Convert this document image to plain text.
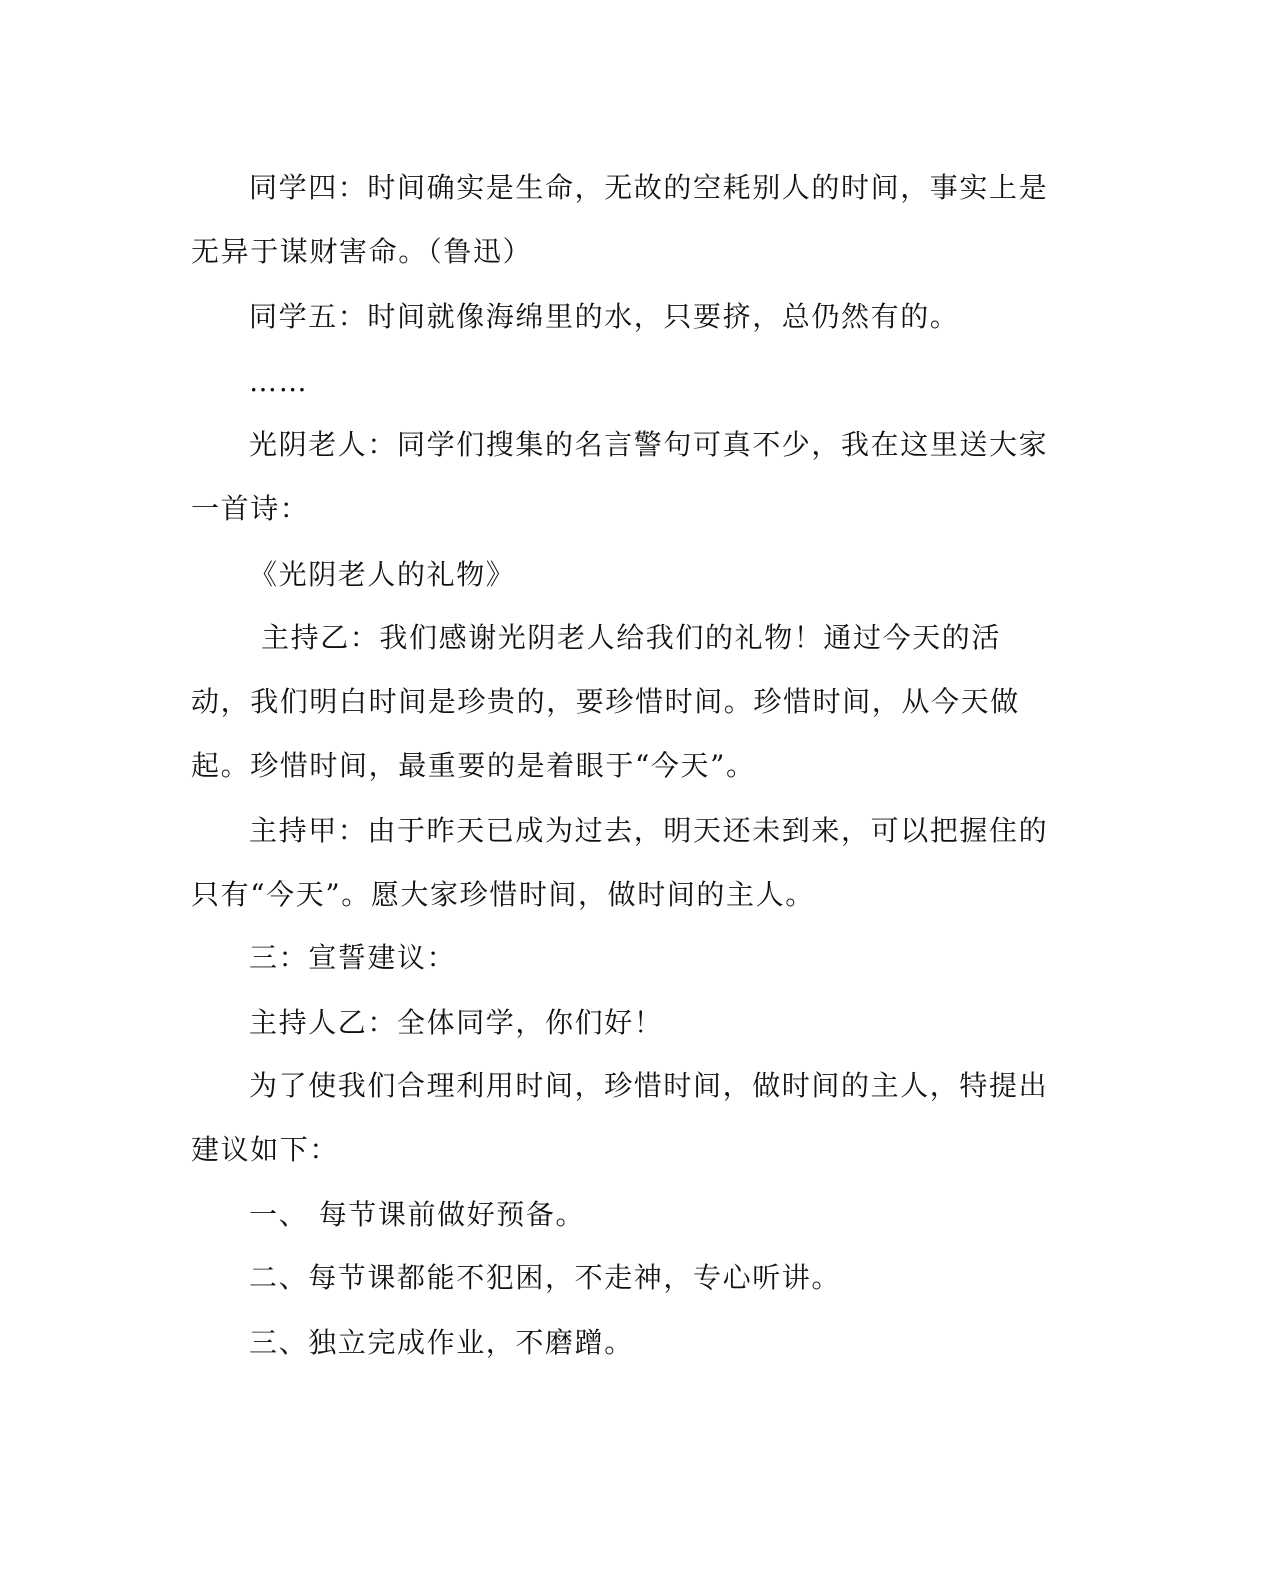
同学四：时间确实是生命，无故的空耗别人的时间，事实上是无异于谋财害命。（鲁迅）

同学五：时间就像海绵里的水，只要挤，总仍然有的。

……

光阴老人：同学们搜集的名言警句可真不少，我在这里送大家一首诗：

《光阴老人的礼物》

主持乙：我们感谢光阴老人给我们的礼物！通过今天的活动，我们明白时间是珍贵的，要珍惜时间。珍惜时间，从今天做起。珍惜时间，最重要的是着眼于“今天”。

主持甲：由于昨天已成为过去，明天还未到来，可以把握住的只有“今天”。愿大家珍惜时间，做时间的主人。

三：宣誓建议：

主持人乙：全体同学，你们好！

为了使我们合理利用时间，珍惜时间，做时间的主人，特提出建议如下：

一、 每节课前做好预备。

二、每节课都能不犯困，不走神，专心听讲。

三、独立完成作业，不磨蹭。
